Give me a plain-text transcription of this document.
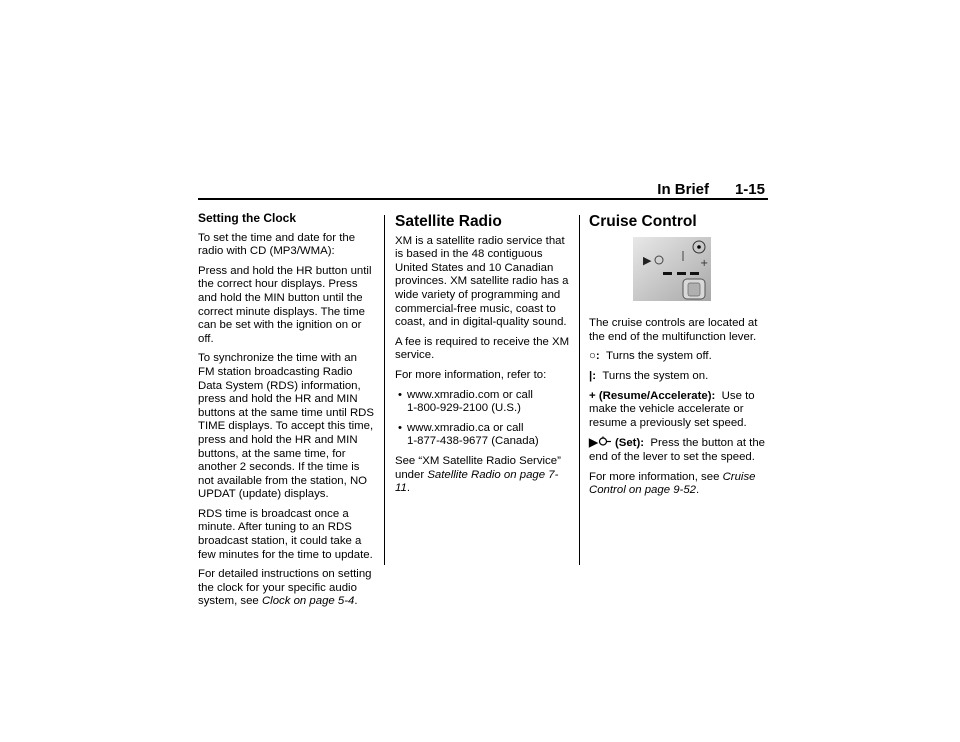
In Brief 1-15
Setting the Clock

To set the time and date for the radio with CD (MP3/WMA):

Press and hold the HR button until the correct hour displays. Press and hold the MIN button until the correct minute displays. The time can be set with the ignition on or off.

To synchronize the time with an FM station broadcasting Radio Data System (RDS) information, press and hold the HR and MIN buttons at the same time until RDS TIME displays. To accept this time, press and hold the HR and MIN buttons, at the same time, for another 2 seconds. If the time is not available from the station, NO UPDAT (update) displays.

RDS time is broadcast once a minute. After tuning to an RDS broadcast station, it could take a few minutes for the time to update.

For detailed instructions on setting the clock for your specific audio system, see Clock on page 5-4.

Satellite Radio

XM is a satellite radio service that is based in the 48 contiguous United States and 10 Canadian provinces. XM satellite radio has a wide variety of programming and commercial-free music, coast to coast, and in digital-quality sound.

A fee is required to receive the XM service.

For more information, refer to:

• www.xmradio.com or call
1-800-929-2100 (U.S.)

• www.xmradio.ca or call
1-877-438-9677 (Canada)

See “XM Satellite Radio Service” under Satellite Radio on page 7-11.

Cruise Control
▶	+

The cruise controls are located at the end of the multifunction lever.

○: Turns the system off.

|: Turns the system on.

+ (Resume/Accelerate): Use to make the vehicle accelerate or resume a previously set speed.

▶ (Set): Press the button at the end of the lever to set the speed.

For more information, see Cruise Control on page 9-52.
